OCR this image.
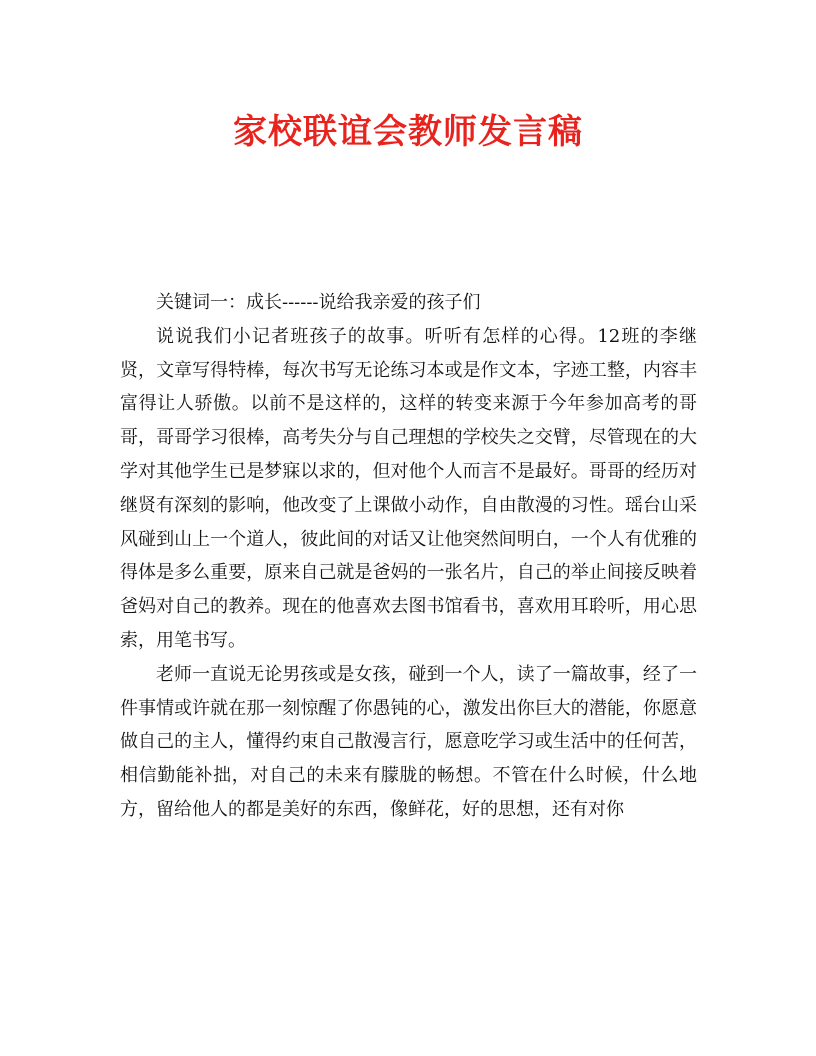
家校联谊会教师发言稿

关键词一：成长------说给我亲爱的孩子们

说说我们小记者班孩子的故事。听听有怎样的心得。12班的李继贤，文章写得特棒，每次书写无论练习本或是作文本，字迹工整，内容丰富得让人骄傲。以前不是这样的，这样的转变来源于今年参加高考的哥哥，哥哥学习很棒，高考失分与自己理想的学校失之交臂，尽管现在的大学对其他学生已是梦寐以求的，但对他个人而言不是最好。哥哥的经历对继贤有深刻的影响，他改变了上课做小动作，自由散漫的习性。瑶台山采风碰到山上一个道人，彼此间的对话又让他突然间明白，一个人有优雅的得体是多么重要，原来自己就是爸妈的一张名片，自己的举止间接反映着爸妈对自己的教养。现在的他喜欢去图书馆看书，喜欢用耳聆听，用心思索，用笔书写。

老师一直说无论男孩或是女孩，碰到一个人，读了一篇故事，经了一件事情或许就在那一刻惊醒了你愚钝的心，激发出你巨大的潜能，你愿意做自己的主人，懂得约束自己散漫言行，愿意吃学习或生活中的任何苦，相信勤能补拙，对自己的未来有朦胧的畅想。不管在什么时候，什么地方，留给他人的都是美好的东西，像鲜花，好的思想，还有对你
